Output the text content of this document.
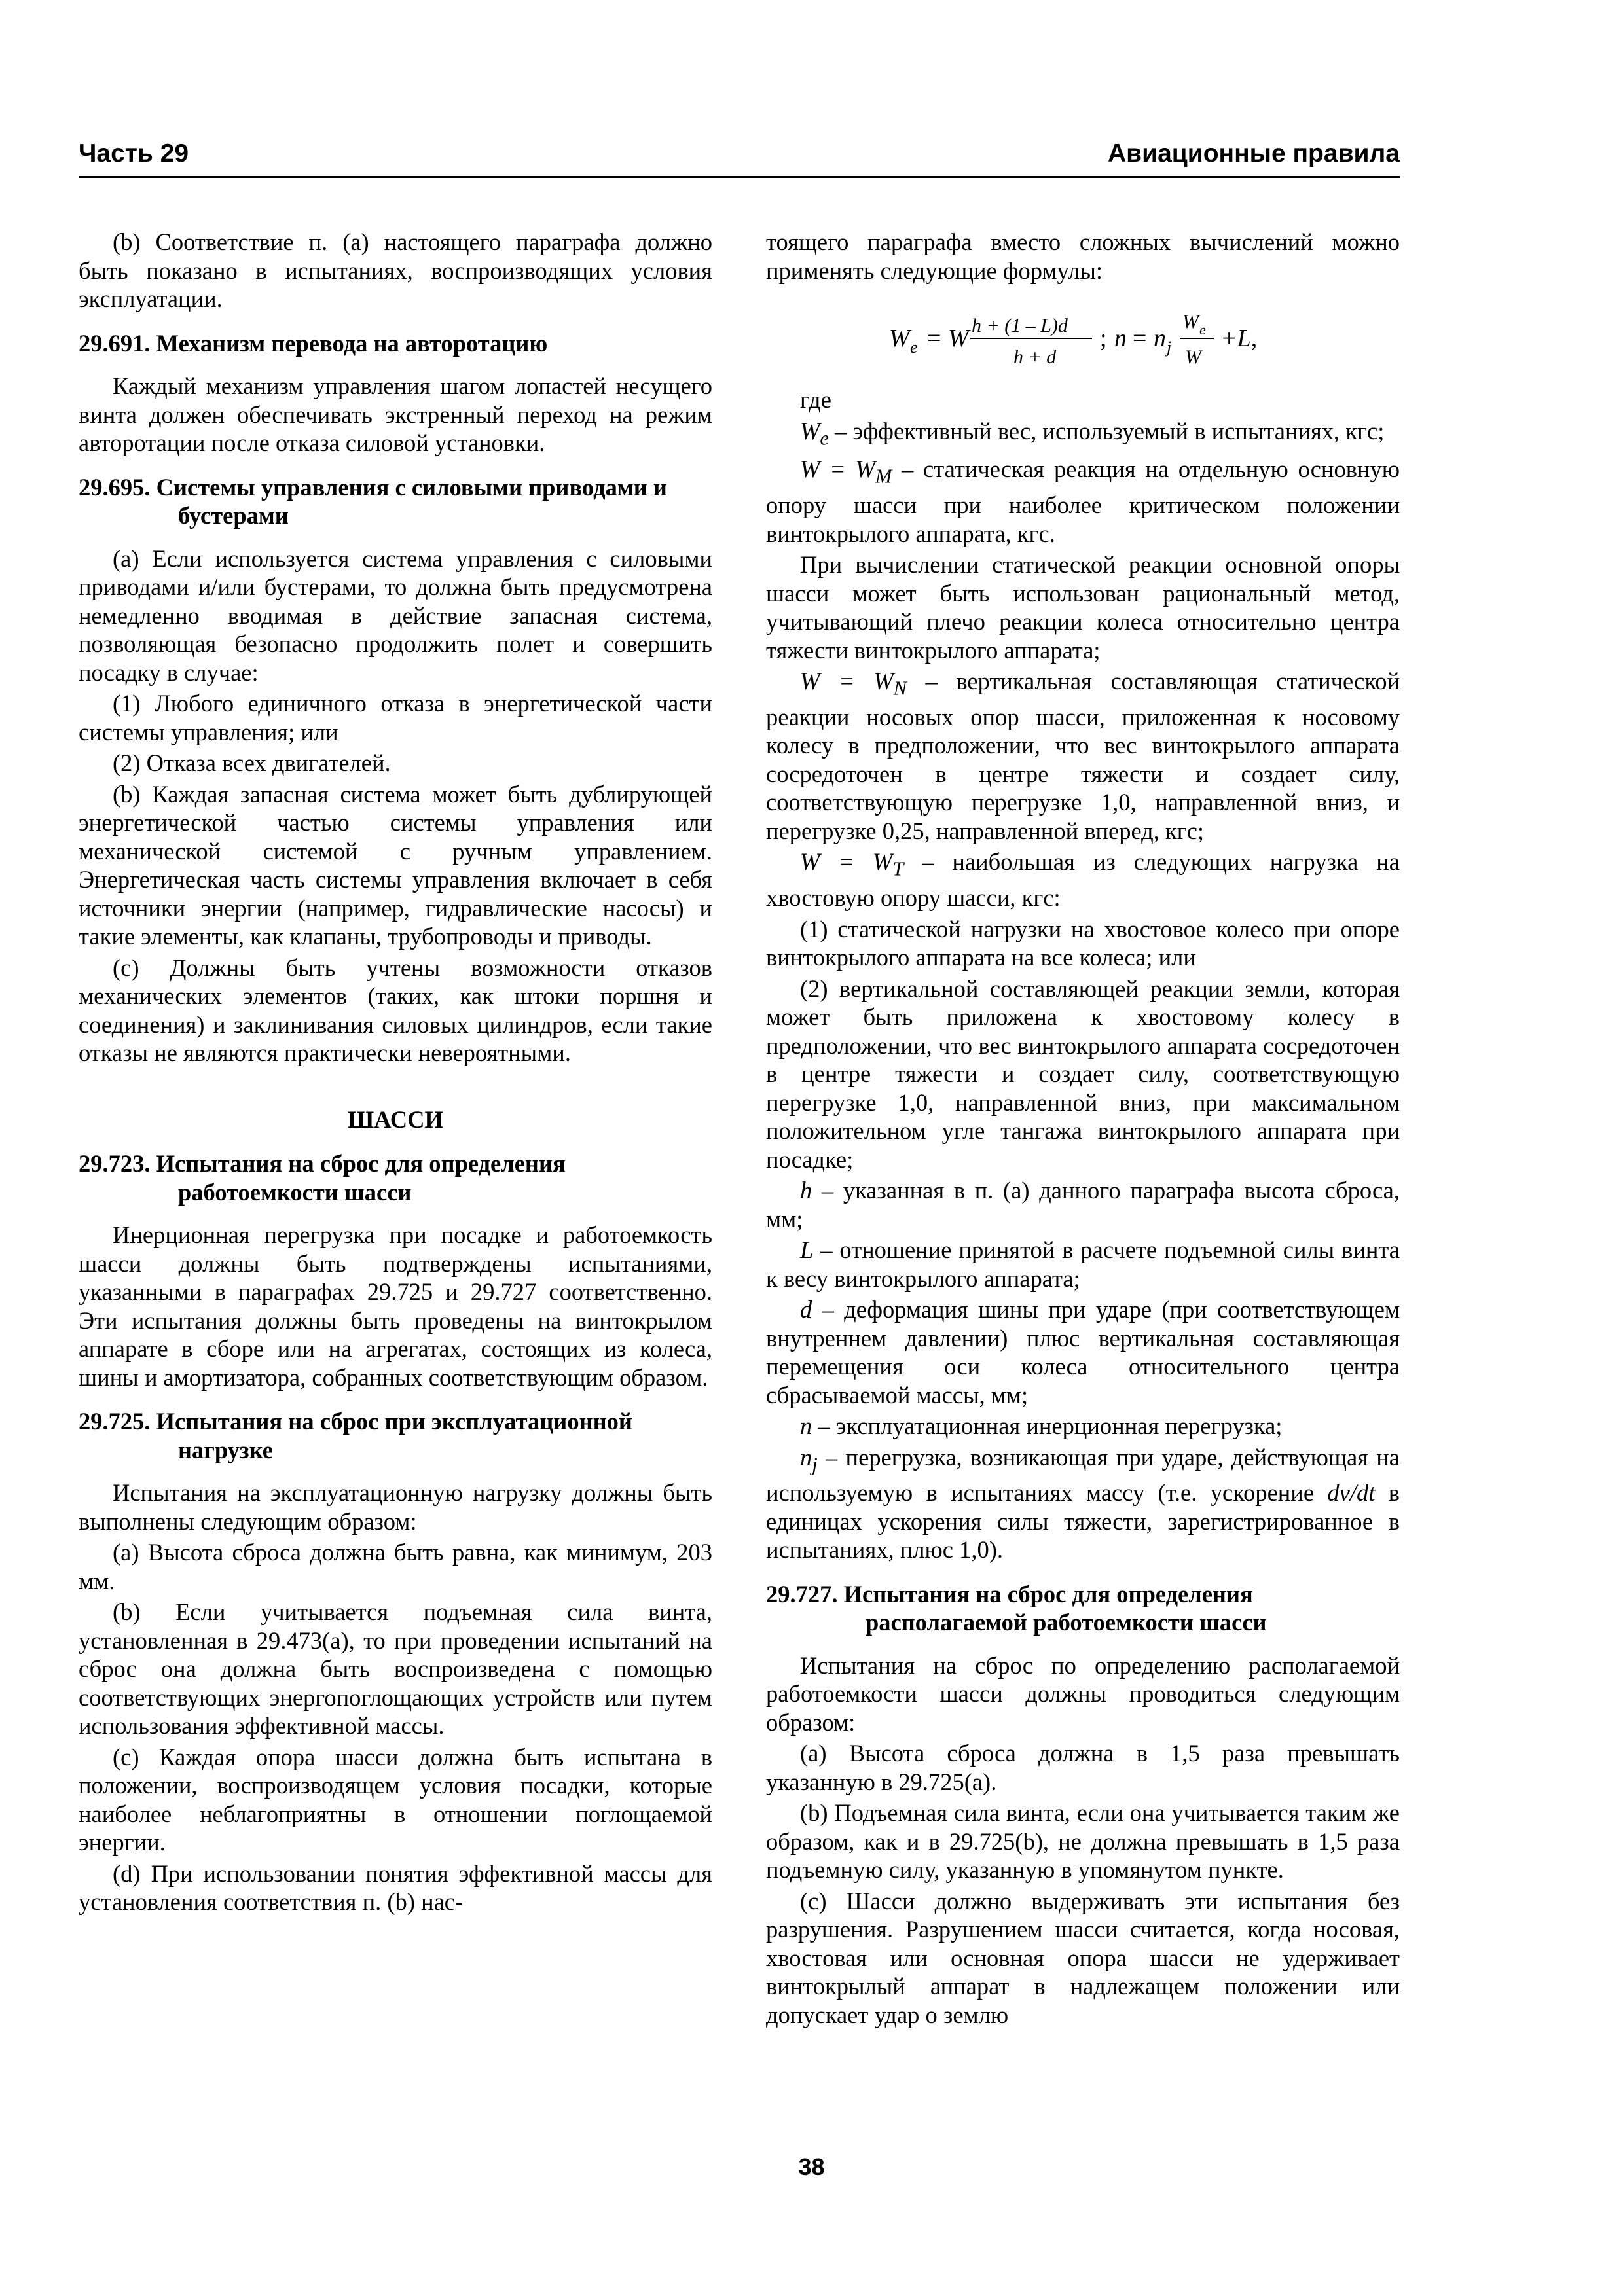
Часть 29	Авиационные правила

(b) Соответствие п. (a) настоящего параграфа должно быть показано в испытаниях, воспроизводящих условия эксплуатации.

29.691. Механизм перевода на авторотацию

Каждый механизм управления шагом лопастей несущего винта должен обеспечивать экстренный переход на режим авторотации после отказа силовой установки.

29.695. Системы управления с силовыми приводами и бустерами

(a) Если используется система управления с силовыми приводами и/или бустерами, то должна быть предусмотрена немедленно вводимая в действие запасная система, позволяющая безопасно продолжить полет и совершить посадку в случае:

(1) Любого единичного отказа в энергетической части системы управления; или

(2) Отказа всех двигателей.

(b) Каждая запасная система может быть дублирующей энергетической частью системы управления или механической системой с ручным управлением. Энергетическая часть системы управления включает в себя источники энергии (например, гидравлические насосы) и такие элементы, как клапаны, трубопроводы и приводы.

(c) Должны быть учтены возможности отказов механических элементов (таких, как штоки поршня и соединения) и заклинивания силовых цилиндров, если такие отказы не являются практически невероятными.

ШАССИ
29.723. Испытания на сброс для определения работоемкости шасси

Инерционная перегрузка при посадке и работоемкость шасси должны быть подтверждены испытаниями, указанными в параграфах 29.725 и 29.727 соответственно. Эти испытания должны быть проведены на винтокрылом аппарате в сборе или на агрегатах, состоящих из колеса, шины и амортизатора, собранных соответствующим образом.

29.725. Испытания на сброс при эксплуатационной нагрузке

Испытания на эксплуатационную нагрузку должны быть выполнены следующим образом:

(a) Высота сброса должна быть равна, как минимум, 203 мм.

(b) Если учитывается подъемная сила винта, установленная в 29.473(a), то при проведении испытаний на сброс она должна быть воспроизведена с помощью соответствующих энергопоглощающих устройств или путем использования эффективной массы.

(c) Каждая опора шасси должна быть испытана в положении, воспроизводящем условия посадки, которые наиболее неблагоприятны в отношении поглощаемой энергии.

(d) При использовании понятия эффективной массы для установления соответствия п. (b) нас-

тоящего параграфа вместо сложных вычислений можно применять следующие формулы:

W e = W h + (1 – L)d
h + d
; n = n j
W e
W
+L,

где

$W_e$ – эффективный вес, используемый в испытаниях, кгс;

$W = W_M$ – статическая реакция на отдельную основную опору шасси при наиболее критическом положении винтокрылого аппарата, кгс.

При вычислении статической реакции основной опоры шасси может быть использован рациональный метод, учитывающий плечо реакции колеса относительно центра тяжести винтокрылого аппарата;

$W = W_N$ – вертикальная составляющая статической реакции носовых опор шасси, приложенная к носовому колесу в предположении, что вес винтокрылого аппарата сосредоточен в центре тяжести и создает силу, соответствующую перегрузке 1,0, направленной вниз, и перегрузке 0,25, направленной вперед, кгс;

$W = W_T$ – наибольшая из следующих нагрузка на хвостовую опору шасси, кгс:

(1) статической нагрузки на хвостовое колесо при опоре винтокрылого аппарата на все колеса; или

(2) вертикальной составляющей реакции земли, которая может быть приложена к хвостовому колесу в предположении, что вес винтокрылого аппарата сосредоточен в центре тяжести и создает силу, соответствующую перегрузке 1,0, направленной вниз, при максимальном положительном угле тангажа винтокрылого аппарата при посадке;

h – указанная в п. (a) данного параграфа высота сброса, мм;

L – отношение принятой в расчете подъемной силы винта к весу винтокрылого аппарата;

d – деформация шины при ударе (при соответствующем внутреннем давлении) плюс вертикальная составляющая перемещения оси колеса относительного центра сбрасываемой массы, мм;

n – эксплуатационная инерционная перегрузка;

$n_j$ – перегрузка, возникающая при ударе, действующая на используемую в испытаниях массу (т.е. ускорение dv/dt в единицах ускорения силы тяжести, зарегистрированное в испытаниях, плюс 1,0).

29.727. Испытания на сброс для определения располагаемой работоемкости шасси

Испытания на сброс по определению располагаемой работоемкости шасси должны проводиться следующим образом:

(a) Высота сброса должна в 1,5 раза превышать указанную в 29.725(a).

(b) Подъемная сила винта, если она учитывается таким же образом, как и в 29.725(b), не должна превышать в 1,5 раза подъемную силу, указанную в упомянутом пункте.

(c) Шасси должно выдерживать эти испытания без разрушения. Разрушением шасси считается, когда носовая, хвостовая или основная опора шасси не удерживает винтокрылый аппарат в надлежащем положении или допускает удар о землю

38
